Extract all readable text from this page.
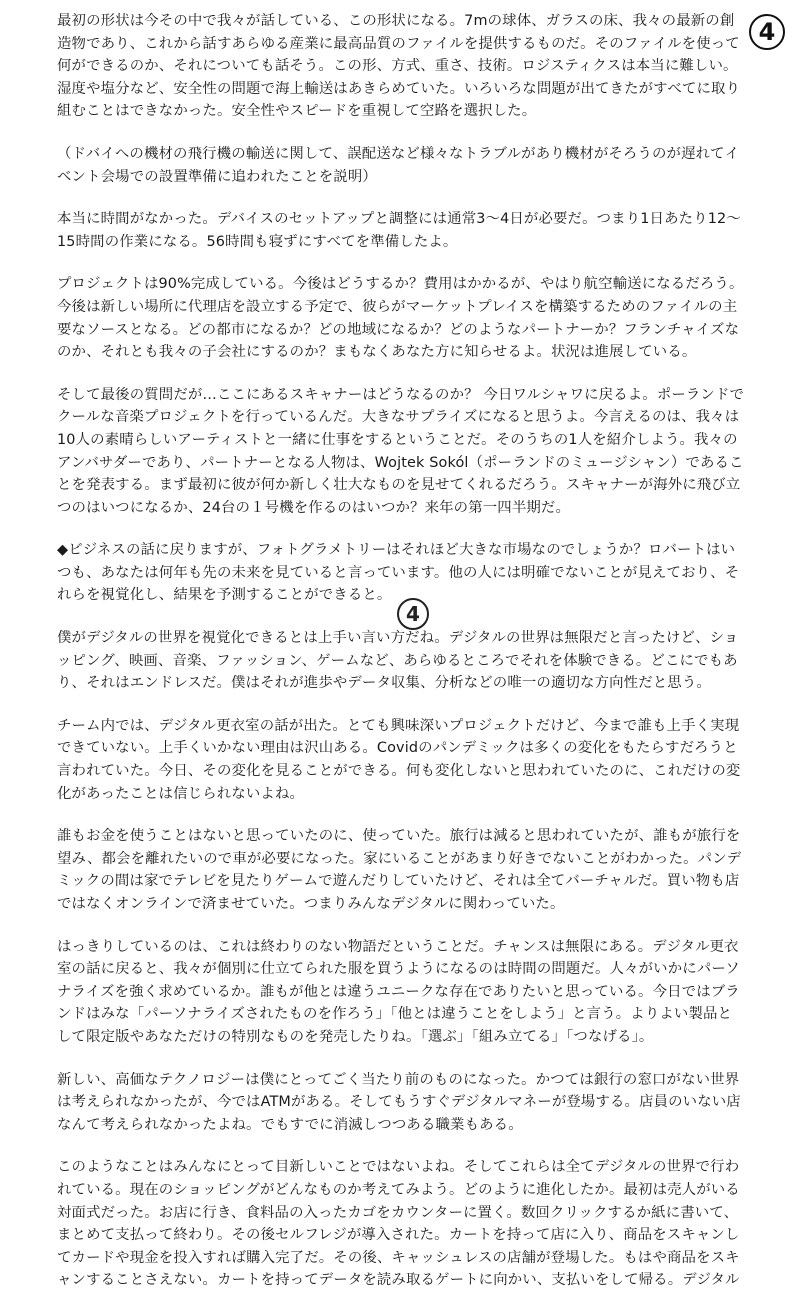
4

最初の形状は今その中で我々が話している、この形状になる。7mの球体、ガラスの床、我々の最新の創造物であり、これから話すあらゆる産業に最高品質のファイルを提供するものだ。そのファイルを使って何ができるのか、それについても話そう。この形、方式、重さ、技術。ロジスティクスは本当に難しい。湿度や塩分など、安全性の問題で海上輸送はあきらめていた。いろいろな問題が出てきたがすべてに取り組むことはできなかった。安全性やスピードを重視して空路を選択した。

（ドバイへの機材の飛行機の輸送に関して、誤配送など様々なトラブルがあり機材がそろうのが遅れてイベント会場での設置準備に追われたことを説明）

本当に時間がなかった。デバイスのセットアップと調整には通常3〜4日が必要だ。つまり1日あたり12〜15時間の作業になる。56時間も寝ずにすべてを準備したよ。

プロジェクトは90%完成している。今後はどうするか？費用はかかるが、やはり航空輸送になるだろう。今後は新しい場所に代理店を設立する予定で、彼らがマーケットプレイスを構築するためのファイルの主要なソースとなる。どの都市になるか？どの地域になるか？どのようなパートナーか？フランチャイズなのか、それとも我々の子会社にするのか？まもなくあなた方に知らせるよ。状況は進展している。

そして最後の質問だが…ここにあるスキャナーはどうなるのか？ 今日ワルシャワに戻るよ。ポーランドでクールな音楽プロジェクトを行っているんだ。大きなサプライズになると思うよ。今言えるのは、我々は10人の素晴らしいアーティストと一緒に仕事をするということだ。そのうちの1人を紹介しよう。我々のアンバサダーであり、パートナーとなる人物は、Wojtek Sokól（ポーランドのミュージシャン）であることを発表する。まず最初に彼が何か新しく壮大なものを見せてくれるだろう。スキャナーが海外に飛び立つのはいつになるか、24台の１号機を作るのはいつか？来年の第一四半期だ。

◆ビジネスの話に戻りますが、フォトグラメトリーはそれほど大きな市場なのでしょうか？ロバートはいつも、あなたは何年も先の未来を見ていると言っています。他の人には明確でないことが見えており、それらを視覚化し、結果を予測することができると。

僕がデジタルの世界を視覚化できるとは上手い言い方だね。デジタルの世界は無限だと言ったけど、ショッピング、映画、音楽、ファッション、ゲームなど、あらゆるところでそれを体験できる。どこにでもあり、それはエンドレスだ。僕はそれが進歩やデータ収集、分析などの唯一の適切な方向性だと思う。

チーム内では、デジタル更衣室の話が出た。とても興味深いプロジェクトだけど、今まで誰も上手く実現できていない。上手くいかない理由は沢山ある。Covidのパンデミックは多くの変化をもたらすだろうと言われていた。今日、その変化を見ることができる。何も変化しないと思われていたのに、これだけの変化があったことは信じられないよね。

誰もお金を使うことはないと思っていたのに、使っていた。旅行は減ると思われていたが、誰もが旅行を望み、都会を離れたいので車が必要になった。家にいることがあまり好きでないことがわかった。パンデミックの間は家でテレビを見たりゲームで遊んだりしていたけど、それは全てバーチャルだ。買い物も店ではなくオンラインで済ませていた。つまりみんなデジタルに関わっていた。

はっきりしているのは、これは終わりのない物語だということだ。チャンスは無限にある。デジタル更衣室の話に戻ると、我々が個別に仕立てられた服を買うようになるのは時間の問題だ。人々がいかにパーソナライズを強く求めているか。誰もが他とは違うユニークな存在でありたいと思っている。今日ではブランドはみな「パーソナライズされたものを作ろう」「他とは違うことをしよう」と言う。よりよい製品として限定版やあなただけの特別なものを発売したりね。「選ぶ」「組み立てる」「つなげる」。

新しい、高価なテクノロジーは僕にとってごく当たり前のものになった。かつては銀行の窓口がない世界は考えられなかったが、今ではATMがある。そしてもうすぐデジタルマネーが登場する。店員のいない店なんて考えられなかったよね。でもすでに消滅しつつある職業もある。

このようなことはみんなにとって目新しいことではないよね。そしてこれらは全てデジタルの世界で行われている。現在のショッピングがどんなものか考えてみよう。どのように進化したか。最初は売人がいる対面式だった。お店に行き、食料品の入ったカゴをカウンターに置く。数回クリックするか紙に書いて、まとめて支払って終わり。その後セルフレジが導入された。カートを持って店に入り、商品をスキャンしてカードや現金を投入すれば購入完了だ。その後、キャッシュレスの店舗が登場した。もはや商品をスキャンすることさえない。カートを持ってデータを読み取るゲートに向かい、支払いをして帰る。デジタル

4
